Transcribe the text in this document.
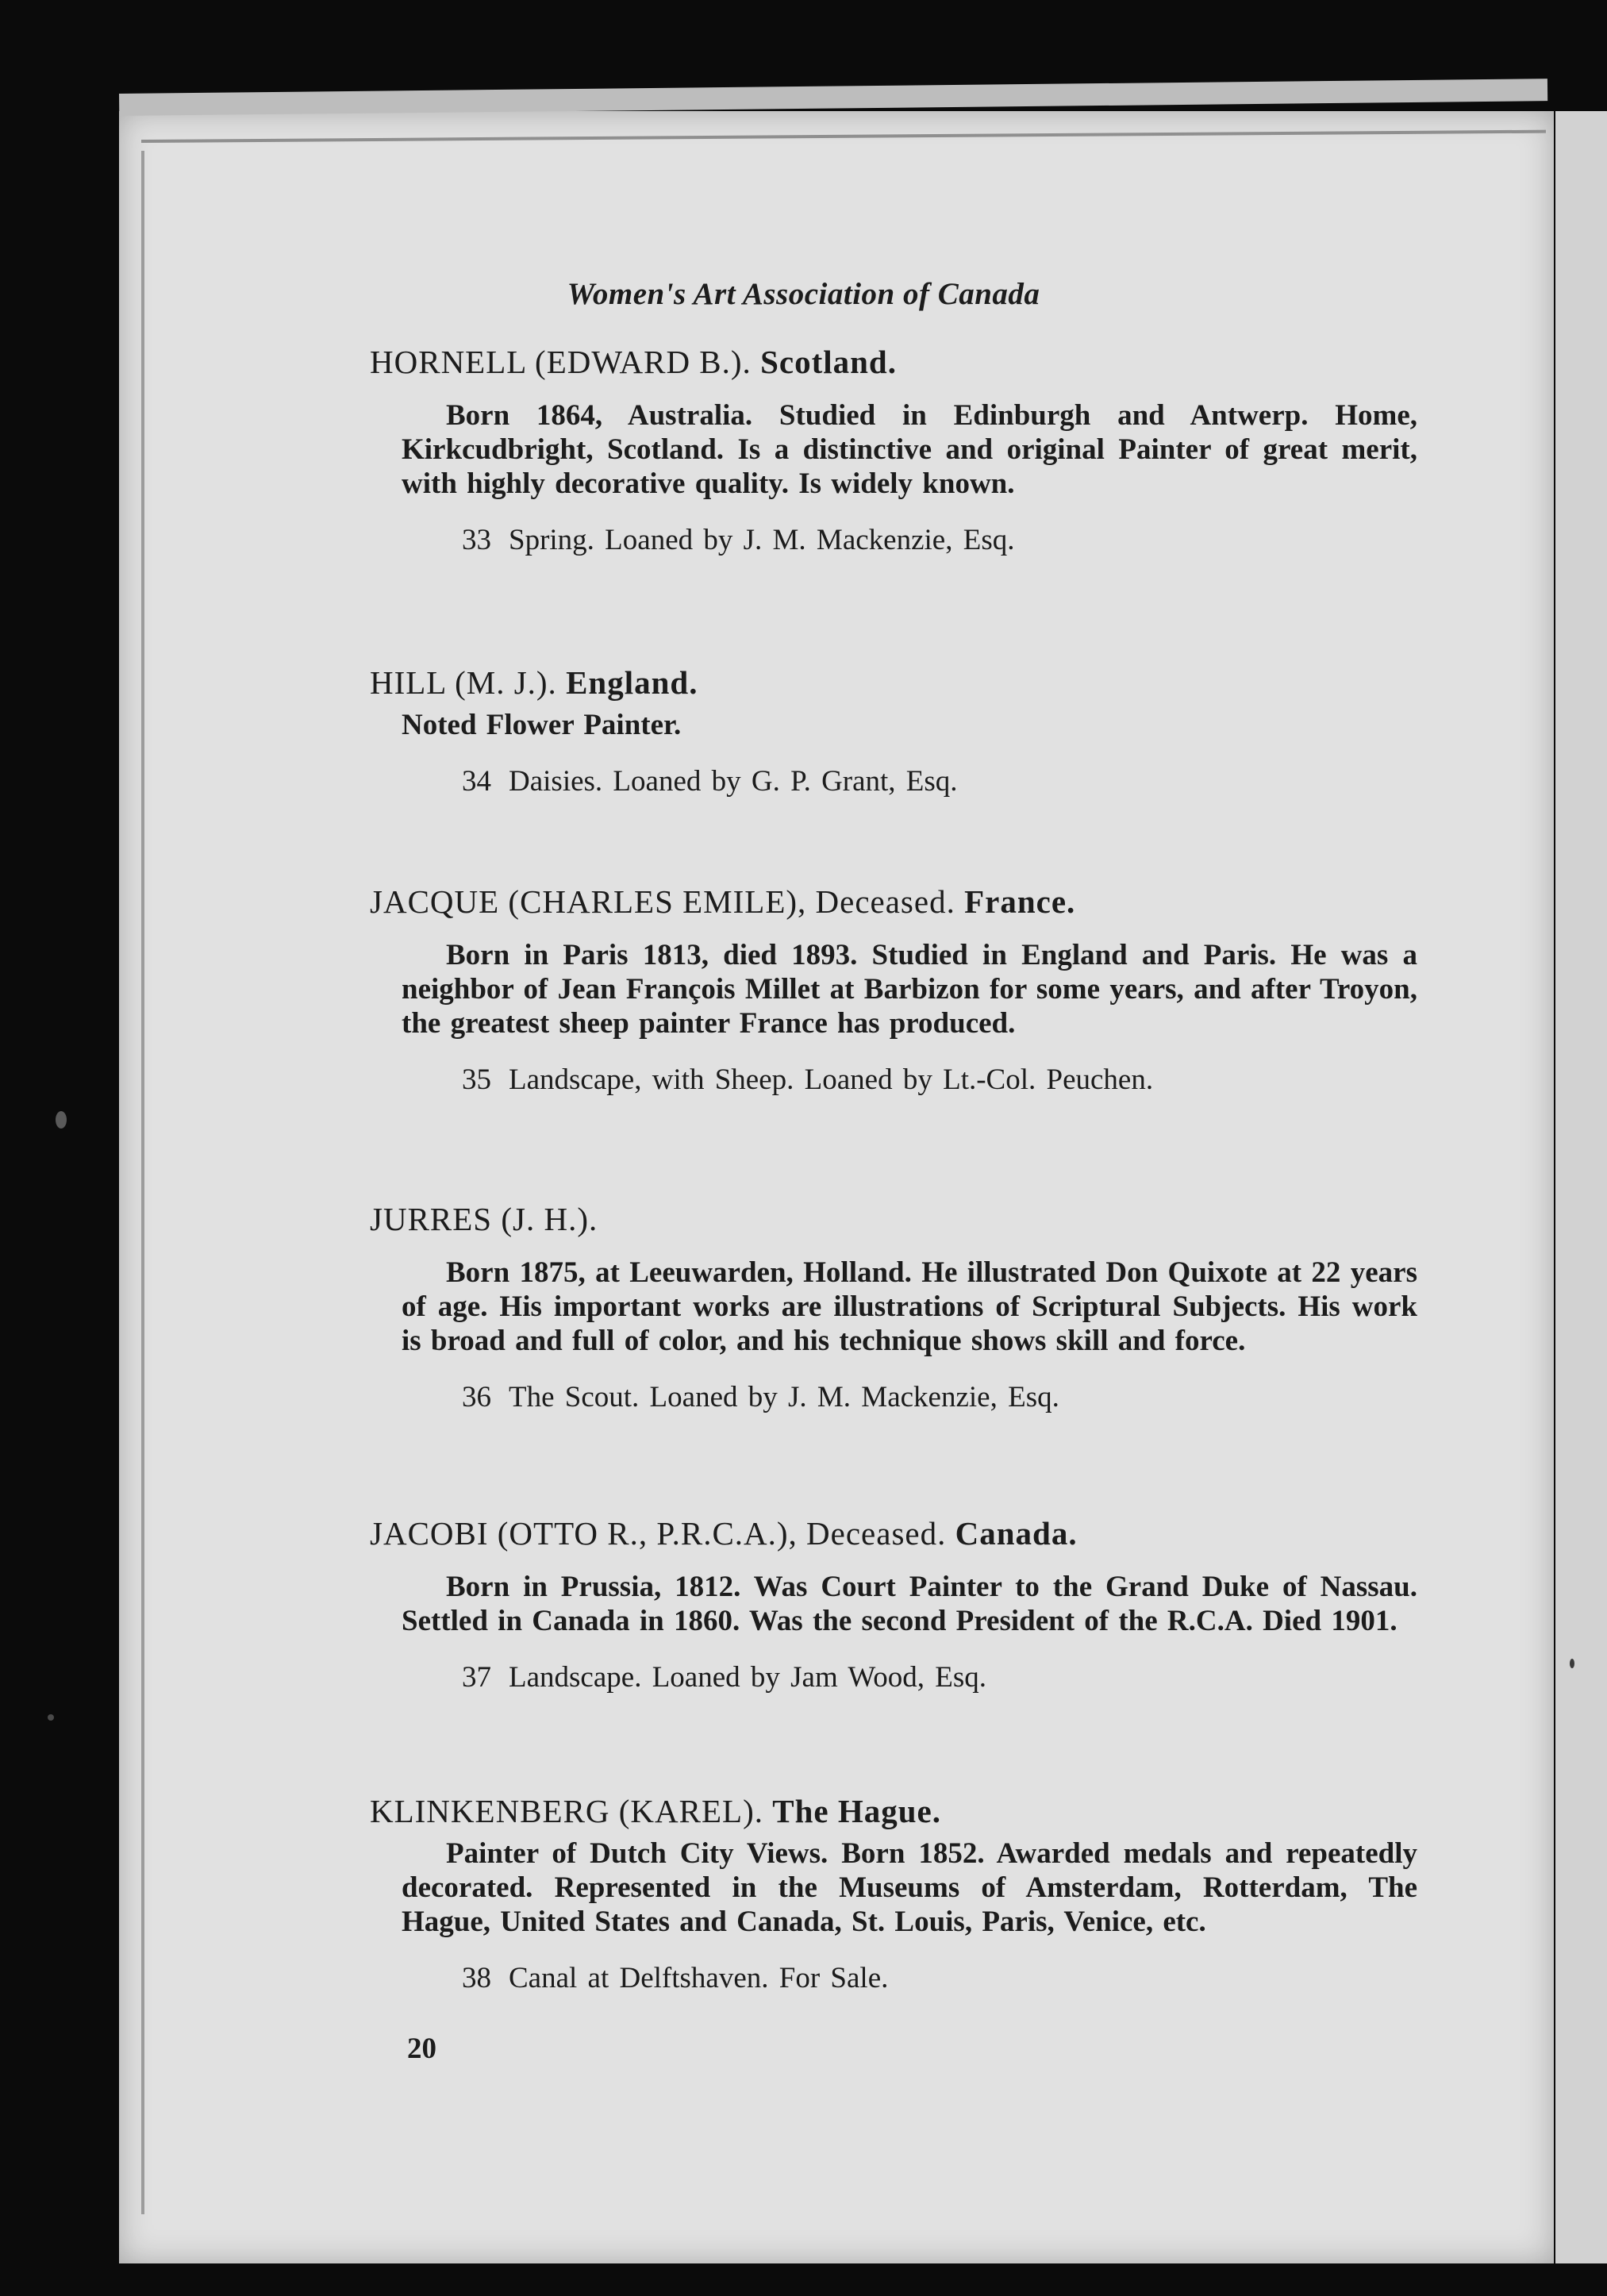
Women's Art Association of Canada

HORNELL (EDWARD B.). Scotland.

Born 1864, Australia. Studied in Edinburgh and Antwerp. Home, Kirkcudbright, Scotland. Is a distinctive and original Painter of great merit, with highly decorative quality. Is widely known.

33 Spring. Loaned by J. M. Mackenzie, Esq.

HILL (M. J.). England.

Noted Flower Painter.

34 Daisies. Loaned by G. P. Grant, Esq.

JACQUE (CHARLES EMILE), Deceased. France.

Born in Paris 1813, died 1893. Studied in England and Paris. He was a neighbor of Jean François Millet at Barbizon for some years, and after Troyon, the greatest sheep painter France has produced.

35 Landscape, with Sheep. Loaned by Lt.-Col. Peuchen.

JURRES (J. H.).

Born 1875, at Leeuwarden, Holland. He illustrated Don Quixote at 22 years of age. His important works are illustrations of Scriptural Subjects. His work is broad and full of color, and his technique shows skill and force.

36 The Scout. Loaned by J. M. Mackenzie, Esq.

JACOBI (OTTO R., P.R.C.A.), Deceased. Canada.

Born in Prussia, 1812. Was Court Painter to the Grand Duke of Nassau. Settled in Canada in 1860. Was the second President of the R.C.A. Died 1901.

37 Landscape. Loaned by Jam Wood, Esq.

KLINKENBERG (KAREL). The Hague.

Painter of Dutch City Views. Born 1852. Awarded medals and repeatedly decorated. Represented in the Museums of Amsterdam, Rotterdam, The Hague, United States and Canada, St. Louis, Paris, Venice, etc.

38 Canal at Delftshaven. For Sale.

20
